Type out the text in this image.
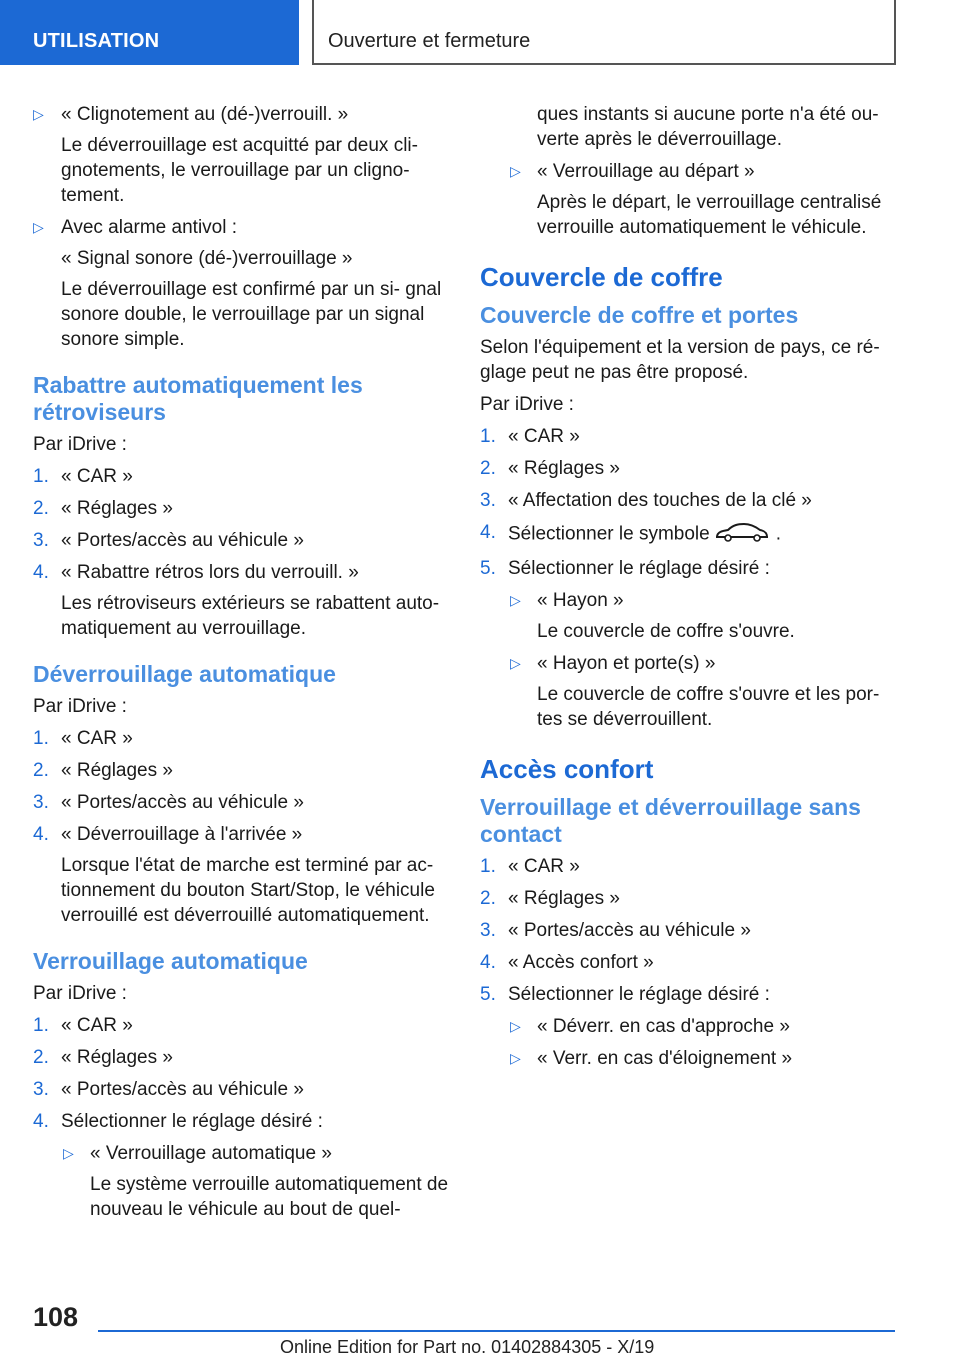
UTILISATION	Ouverture et fermeture
▷ « Clignotement au (dé-)verrouill. »
Le déverrouillage est acquitté par deux cli- gnotements, le verrouillage par un cligno- tement.
▷ Avec alarme antivol :
« Signal sonore (dé-)verrouillage »
Le déverrouillage est confirmé par un si- gnal sonore double, le verrouillage par un signal sonore simple.
Rabattre automatiquement les rétroviseurs
Par iDrive :
1. « CAR »
2. « Réglages »
3. « Portes/accès au véhicule »
4. « Rabattre rétros lors du verrouill. »
Les rétroviseurs extérieurs se rabattent auto- matiquement au verrouillage.
Déverrouillage automatique
Par iDrive :
1. « CAR »
2. « Réglages »
3. « Portes/accès au véhicule »
4. « Déverrouillage à l'arrivée »
Lorsque l'état de marche est terminé par ac- tionnement du bouton Start/Stop, le véhicule verrouillé est déverrouillé automatiquement.
Verrouillage automatique
Par iDrive :
1. « CAR »
2. « Réglages »
3. « Portes/accès au véhicule »
4. Sélectionner le réglage désiré :
▷ « Verrouillage automatique »
Le système verrouille automatiquement de nouveau le véhicule au bout de quel-
ques instants si aucune porte n'a été ou- verte après le déverrouillage.
▷ « Verrouillage au départ »
Après le départ, le verrouillage centralisé verrouille automatiquement le véhicule.
Couvercle de coffre
Couvercle de coffre et portes
Selon l'équipement et la version de pays, ce ré- glage peut ne pas être proposé.
Par iDrive :
1. « CAR »
2. « Réglages »
3. « Affectation des touches de la clé »
4. Sélectionner le symbole	.
5. Sélectionner le réglage désiré :
▷ « Hayon »
Le couvercle de coffre s'ouvre.
▷ « Hayon et porte(s) »
Le couvercle de coffre s'ouvre et les por- tes se déverrouillent.
Accès confort
Verrouillage et déverrouillage sans contact
1. « CAR »
2. « Réglages »
3. « Portes/accès au véhicule »
4. « Accès confort »
5. Sélectionner le réglage désiré :
▷ « Déverr. en cas d'approche »
▷ « Verr. en cas d'éloignement »
108
Online Edition for Part no. 01402884305 - X/19
